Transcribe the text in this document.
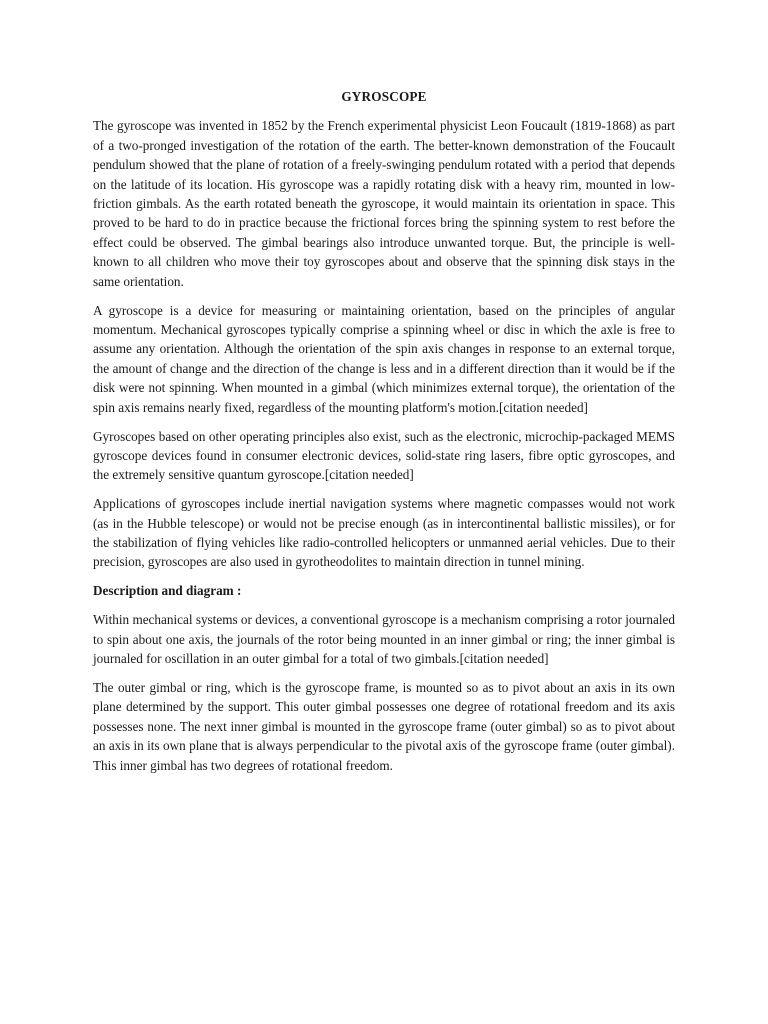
GYROSCOPE

The gyroscope was invented in 1852 by the French experimental physicist Leon Foucault (1819-1868) as part of a two-pronged investigation of the rotation of the earth. The better-known demonstration of the Foucault pendulum showed that the plane of rotation of a freely-swinging pendulum rotated with a period that depends on the latitude of its location. His gyroscope was a rapidly rotating disk with a heavy rim, mounted in low-friction gimbals. As the earth rotated beneath the gyroscope, it would maintain its orientation in space. This proved to be hard to do in practice because the frictional forces bring the spinning system to rest before the effect could be observed. The gimbal bearings also introduce unwanted torque. But, the principle is well-known to all children who move their toy gyroscopes about and observe that the spinning disk stays in the same orientation.

A gyroscope is a device for measuring or maintaining orientation, based on the principles of angular momentum. Mechanical gyroscopes typically comprise a spinning wheel or disc in which the axle is free to assume any orientation. Although the orientation of the spin axis changes in response to an external torque, the amount of change and the direction of the change is less and in a different direction than it would be if the disk were not spinning. When mounted in a gimbal (which minimizes external torque), the orientation of the spin axis remains nearly fixed, regardless of the mounting platform's motion.[citation needed]

Gyroscopes based on other operating principles also exist, such as the electronic, microchip-packaged MEMS gyroscope devices found in consumer electronic devices, solid-state ring lasers, fibre optic gyroscopes, and the extremely sensitive quantum gyroscope.[citation needed]

Applications of gyroscopes include inertial navigation systems where magnetic compasses would not work (as in the Hubble telescope) or would not be precise enough (as in intercontinental ballistic missiles), or for the stabilization of flying vehicles like radio-controlled helicopters or unmanned aerial vehicles. Due to their precision, gyroscopes are also used in gyrotheodolites to maintain direction in tunnel mining.

Description and diagram :

Within mechanical systems or devices, a conventional gyroscope is a mechanism comprising a rotor journaled to spin about one axis, the journals of the rotor being mounted in an inner gimbal or ring; the inner gimbal is journaled for oscillation in an outer gimbal for a total of two gimbals.[citation needed]

The outer gimbal or ring, which is the gyroscope frame, is mounted so as to pivot about an axis in its own plane determined by the support. This outer gimbal possesses one degree of rotational freedom and its axis possesses none. The next inner gimbal is mounted in the gyroscope frame (outer gimbal) so as to pivot about an axis in its own plane that is always perpendicular to the pivotal axis of the gyroscope frame (outer gimbal). This inner gimbal has two degrees of rotational freedom.
